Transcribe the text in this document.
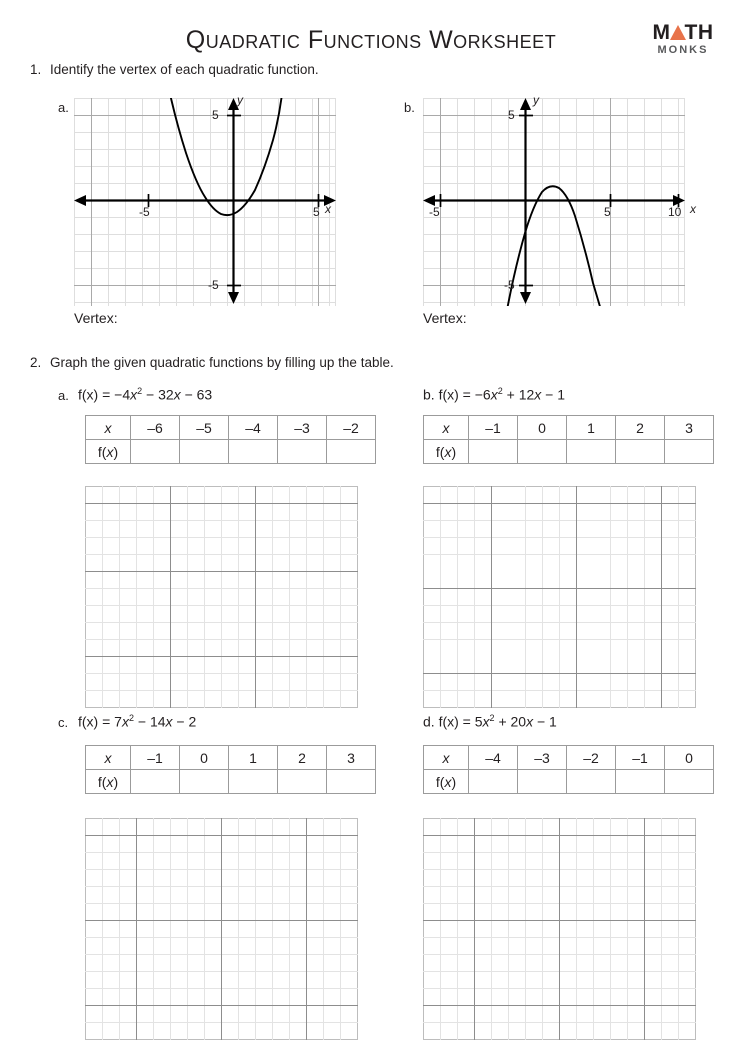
Quadratic Functions Worksheet	M TH
MONKS
1. Identify the vertex of each quadratic function.
a.
-5	5
5
-5
x
y
Vertex:
b.
-5	5	10
5
-5
x
y
Vertex:
2. Graph the given quadratic functions by filling up the table.
a. $f(x) = -4x^2 - 32x - 63$
x	–6	–5	–4	–3	–2
f(x)					
b. $f(x) = -6x^2 + 12x - 1$
x	–1	0	1	2	3
f(x)					
c. $f(x) = 7x^2 - 14x - 2$
x	–1	0	1	2	3
f(x)					
d. $f(x) = 5x^2 + 20x - 1$
x	–4	–3	–2	–1	0
f(x)					
